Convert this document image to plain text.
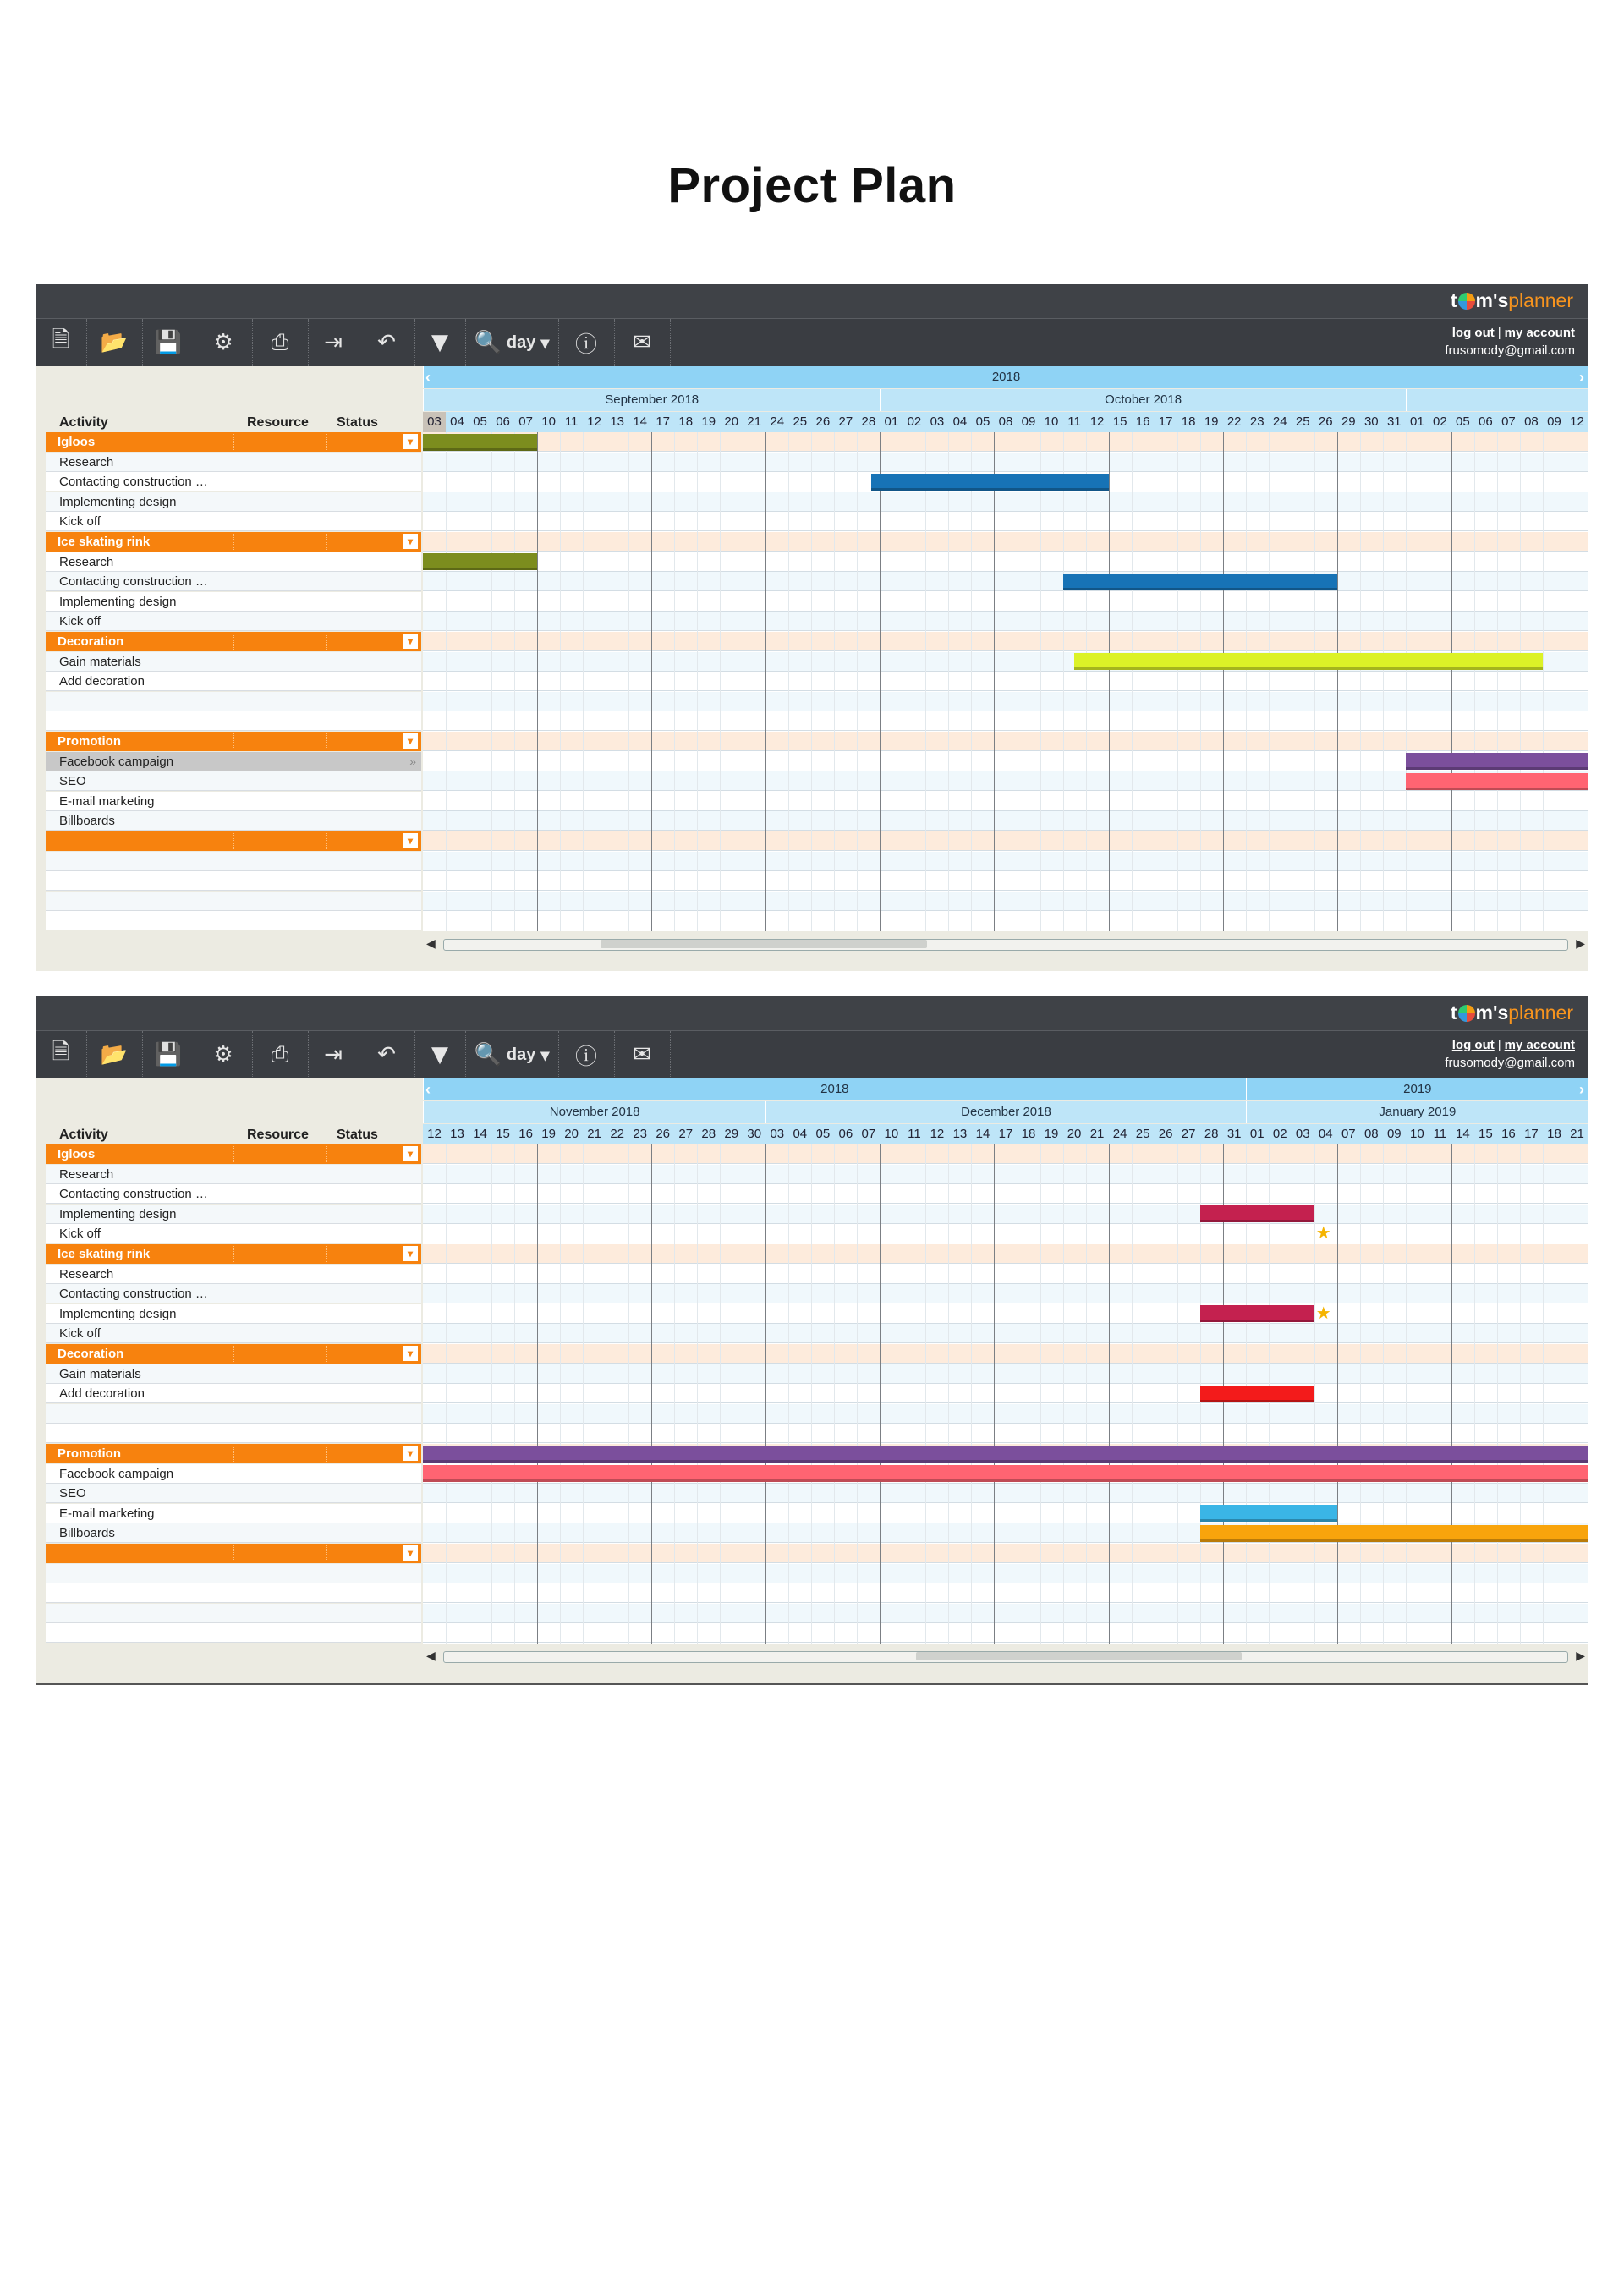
Project Plan
t m'splanner
🗎 📂 💾 ⚙ ⎙ ⇥ ↶ ▼ 🔍 day ▾ ⓘ ✉	log out | my account
frusomody@gmail.com
Activity	Resource Status
Igloos	▾
Research
Contacting construction …
Implementing design
Kick off
Ice skating rink	▾
Research
Contacting construction …
Implementing design
Kick off
Decoration	▾
Gain materials
Add decoration
Promotion	▾
Facebook campaign	»
SEO
E-mail marketing
Billboards
▾
2018
‹	›
September 2018	October 2018
03 04 05 06 07 10 11 12 13 14 17 18 19 20 21 24 25 26 27 28 01 02 03 04 05 08 09 10 11 12 15 16 17 18 19 22 23 24 25 26 29 30 31 01 02 05 06 07 08 09 12
◀	▶
t m'splanner
🗎 📂 💾 ⚙ ⎙ ⇥ ↶ ▼ 🔍 day ▾ ⓘ ✉	log out | my account
frusomody@gmail.com
Activity	Resource Status
Igloos	▾
Research
Contacting construction …
Implementing design
Kick off
Ice skating rink	▾
Research
Contacting construction …
Implementing design
Kick off
Decoration	▾
Gain materials
Add decoration
Promotion	▾
Facebook campaign
SEO
E-mail marketing
Billboards
▾
2018	2019
‹	›
November 2018	December 2018	January 2019
12 13 14 15 16 19 20 21 22 23 26 27 28 29 30 03 04 05 06 07 10 11 12 13 14 17 18 19 20 21 24 25 26 27 28 31 01 02 03 04 07 08 09 10 11 14 15 16 17 18 21
★
★
◀	▶
